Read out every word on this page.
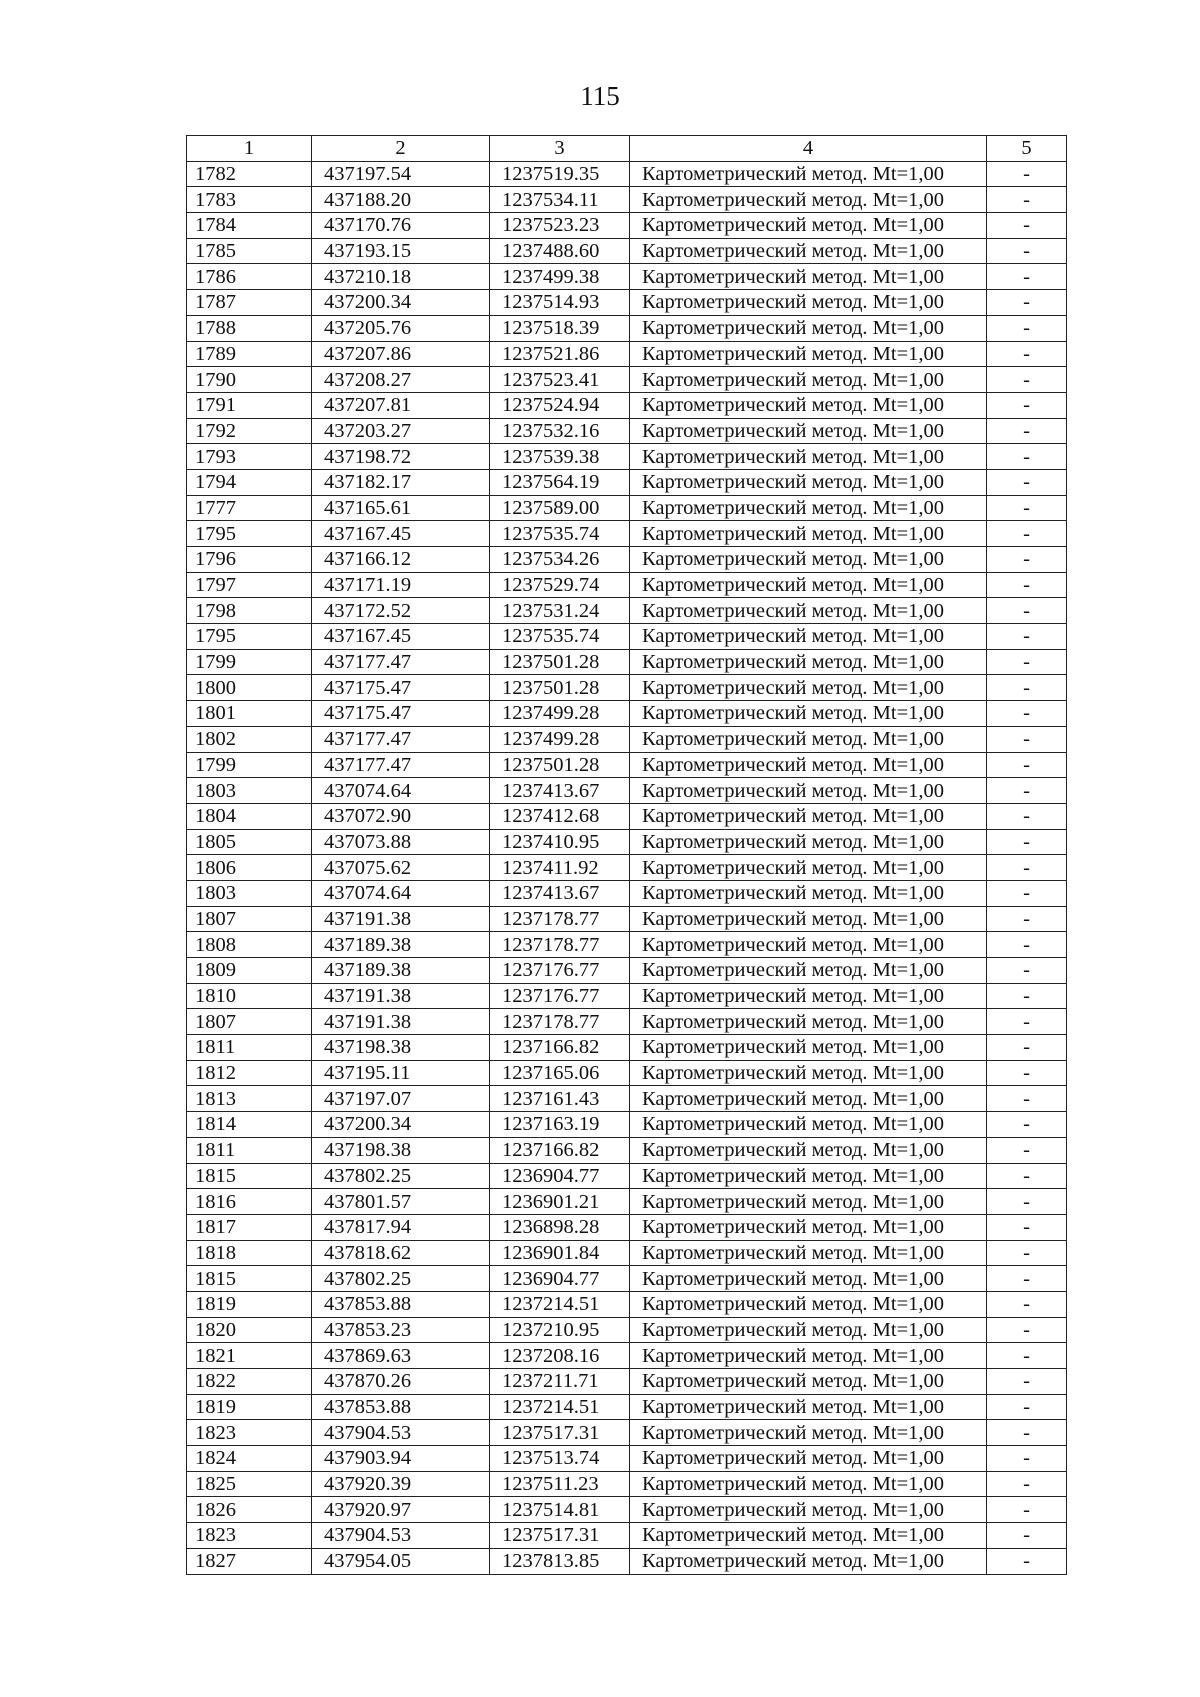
115
1	2	3	4	5
1782	437197.54	1237519.35	Картометрический метод. Mt=1,00	-
1783	437188.20	1237534.11	Картометрический метод. Mt=1,00	-
1784	437170.76	1237523.23	Картометрический метод. Mt=1,00	-
1785	437193.15	1237488.60	Картометрический метод. Mt=1,00	-
1786	437210.18	1237499.38	Картометрический метод. Mt=1,00	-
1787	437200.34	1237514.93	Картометрический метод. Mt=1,00	-
1788	437205.76	1237518.39	Картометрический метод. Mt=1,00	-
1789	437207.86	1237521.86	Картометрический метод. Mt=1,00	-
1790	437208.27	1237523.41	Картометрический метод. Mt=1,00	-
1791	437207.81	1237524.94	Картометрический метод. Mt=1,00	-
1792	437203.27	1237532.16	Картометрический метод. Mt=1,00	-
1793	437198.72	1237539.38	Картометрический метод. Mt=1,00	-
1794	437182.17	1237564.19	Картометрический метод. Mt=1,00	-
1777	437165.61	1237589.00	Картометрический метод. Mt=1,00	-
1795	437167.45	1237535.74	Картометрический метод. Mt=1,00	-
1796	437166.12	1237534.26	Картометрический метод. Mt=1,00	-
1797	437171.19	1237529.74	Картометрический метод. Mt=1,00	-
1798	437172.52	1237531.24	Картометрический метод. Mt=1,00	-
1795	437167.45	1237535.74	Картометрический метод. Mt=1,00	-
1799	437177.47	1237501.28	Картометрический метод. Mt=1,00	-
1800	437175.47	1237501.28	Картометрический метод. Mt=1,00	-
1801	437175.47	1237499.28	Картометрический метод. Mt=1,00	-
1802	437177.47	1237499.28	Картометрический метод. Mt=1,00	-
1799	437177.47	1237501.28	Картометрический метод. Mt=1,00	-
1803	437074.64	1237413.67	Картометрический метод. Mt=1,00	-
1804	437072.90	1237412.68	Картометрический метод. Mt=1,00	-
1805	437073.88	1237410.95	Картометрический метод. Mt=1,00	-
1806	437075.62	1237411.92	Картометрический метод. Mt=1,00	-
1803	437074.64	1237413.67	Картометрический метод. Mt=1,00	-
1807	437191.38	1237178.77	Картометрический метод. Mt=1,00	-
1808	437189.38	1237178.77	Картометрический метод. Mt=1,00	-
1809	437189.38	1237176.77	Картометрический метод. Mt=1,00	-
1810	437191.38	1237176.77	Картометрический метод. Mt=1,00	-
1807	437191.38	1237178.77	Картометрический метод. Mt=1,00	-
1811	437198.38	1237166.82	Картометрический метод. Mt=1,00	-
1812	437195.11	1237165.06	Картометрический метод. Mt=1,00	-
1813	437197.07	1237161.43	Картометрический метод. Mt=1,00	-
1814	437200.34	1237163.19	Картометрический метод. Mt=1,00	-
1811	437198.38	1237166.82	Картометрический метод. Mt=1,00	-
1815	437802.25	1236904.77	Картометрический метод. Mt=1,00	-
1816	437801.57	1236901.21	Картометрический метод. Mt=1,00	-
1817	437817.94	1236898.28	Картометрический метод. Mt=1,00	-
1818	437818.62	1236901.84	Картометрический метод. Mt=1,00	-
1815	437802.25	1236904.77	Картометрический метод. Mt=1,00	-
1819	437853.88	1237214.51	Картометрический метод. Mt=1,00	-
1820	437853.23	1237210.95	Картометрический метод. Mt=1,00	-
1821	437869.63	1237208.16	Картометрический метод. Mt=1,00	-
1822	437870.26	1237211.71	Картометрический метод. Mt=1,00	-
1819	437853.88	1237214.51	Картометрический метод. Mt=1,00	-
1823	437904.53	1237517.31	Картометрический метод. Mt=1,00	-
1824	437903.94	1237513.74	Картометрический метод. Mt=1,00	-
1825	437920.39	1237511.23	Картометрический метод. Mt=1,00	-
1826	437920.97	1237514.81	Картометрический метод. Mt=1,00	-
1823	437904.53	1237517.31	Картометрический метод. Mt=1,00	-
1827	437954.05	1237813.85	Картометрический метод. Mt=1,00	-
